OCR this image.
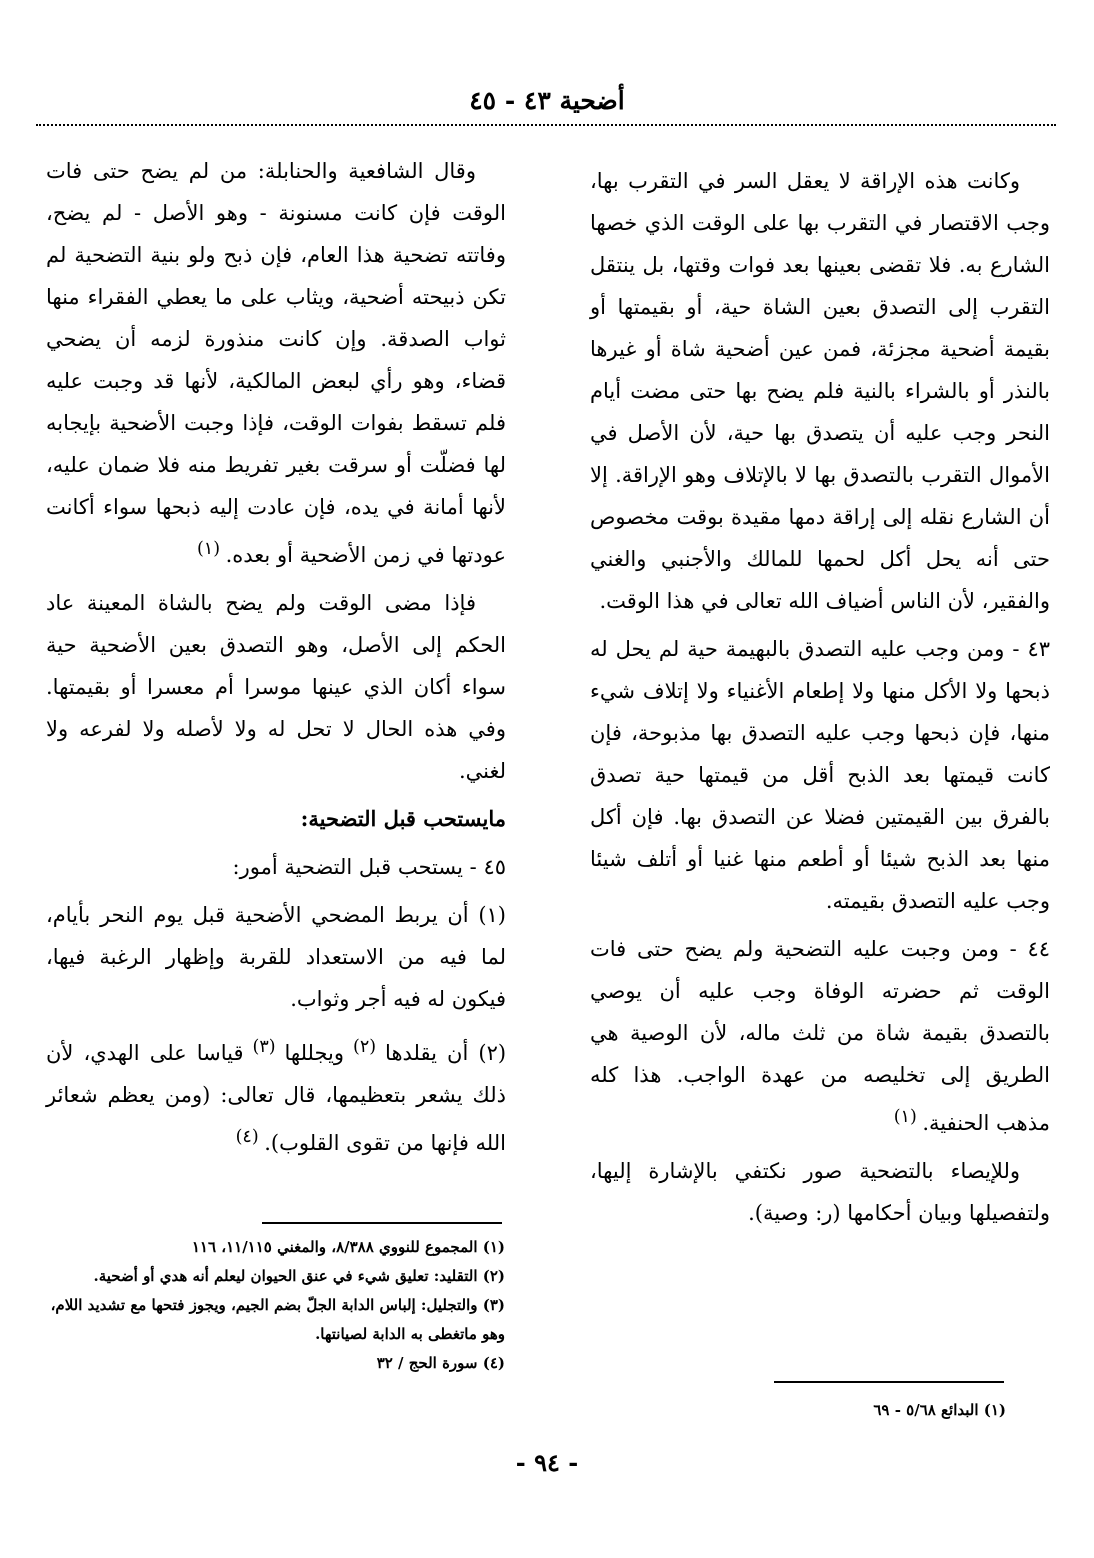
أضحية ٤٣ - ٤٥

وكانت هذه الإراقة لا يعقل السر في التقرب بها، وجب الاقتصار في التقرب بها على الوقت الذي خصها الشارع به. فلا تقضى بعينها بعد فوات وقتها، بل ينتقل التقرب إلى التصدق بعين الشاة حية، أو بقيمتها أو بقيمة أضحية مجزئة، فمن عين أضحية شاة أو غيرها بالنذر أو بالشراء بالنية فلم يضح بها حتى مضت أيام النحر وجب عليه أن يتصدق بها حية، لأن الأصل في الأموال التقرب بالتصدق بها لا بالإتلاف وهو الإراقة. إلا أن الشارع نقله إلى إراقة دمها مقيدة بوقت مخصوص حتى أنه يحل أكل لحمها للمالك والأجنبي والغني والفقير، لأن الناس أضياف الله تعالى في هذا الوقت.

٤٣ - ومن وجب عليه التصدق بالبهيمة حية لم يحل له ذبحها ولا الأكل منها ولا إطعام الأغنياء ولا إتلاف شيء منها، فإن ذبحها وجب عليه التصدق بها مذبوحة، فإن كانت قيمتها بعد الذبح أقل من قيمتها حية تصدق بالفرق بين القيمتين فضلا عن التصدق بها. فإن أكل منها بعد الذبح شيئا أو أطعم منها غنيا أو أتلف شيئا وجب عليه التصدق بقيمته.

٤٤ - ومن وجبت عليه التضحية ولم يضح حتى فات الوقت ثم حضرته الوفاة وجب عليه أن يوصي بالتصدق بقيمة شاة من ثلث ماله، لأن الوصية هي الطريق إلى تخليصه من عهدة الواجب. هذا كله مذهب الحنفية. $^{(١)}$

وللإيصاء بالتضحية صور نكتفي بالإشارة إليها، ولتفصيلها وبيان أحكامها (ر: وصية).

(١) البدائع ٥/٦٨ - ٦٩

وقال الشافعية والحنابلة: من لم يضح حتى فات الوقت فإن كانت مسنونة - وهو الأصل - لم يضح، وفاتته تضحية هذا العام، فإن ذبح ولو بنية التضحية لم تكن ذبيحته أضحية، ويثاب على ما يعطي الفقراء منها ثواب الصدقة. وإن كانت منذورة لزمه أن يضحي قضاء، وهو رأي لبعض المالكية، لأنها قد وجبت عليه فلم تسقط بفوات الوقت، فإذا وجبت الأضحية بإيجابه لها فضلّت أو سرقت بغير تفريط منه فلا ضمان عليه، لأنها أمانة في يده، فإن عادت إليه ذبحها سواء أكانت عودتها في زمن الأضحية أو بعده. $^{(١)}$

فإذا مضى الوقت ولم يضح بالشاة المعينة عاد الحكم إلى الأصل، وهو التصدق بعين الأضحية حية سواء أكان الذي عينها موسرا أم معسرا أو بقيمتها. وفي هذه الحال لا تحل له ولا لأصله ولا لفرعه ولا لغني.

مايستحب قبل التضحية:

٤٥ - يستحب قبل التضحية أمور:

(١) أن يربط المضحي الأضحية قبل يوم النحر بأيام، لما فيه من الاستعداد للقربة وإظهار الرغبة فيها، فيكون له فيه أجر وثواب.

(٢) أن يقلدها $^{(٢)}$ ويجللها $^{(٣)}$ قياسا على الهدي، لأن ذلك يشعر بتعظيمها، قال تعالى: (ومن يعظم شعائر الله فإنها من تقوى القلوب). $^{(٤)}$

(١) المجموع للنووي ٨/٣٨٨، والمغني ١١/١١٥، ١١٦
(٢) التقليد: تعليق شيء في عنق الحيوان ليعلم أنه هدي أو أضحية.
(٣) والتجليل: إلباس الدابة الجلّ بضم الجيم، ويجوز فتحها مع تشديد اللام، وهو ماتغطى به الدابة لصيانتها.
(٤) سورة الحج / ٣٢
- ٩٤ -
